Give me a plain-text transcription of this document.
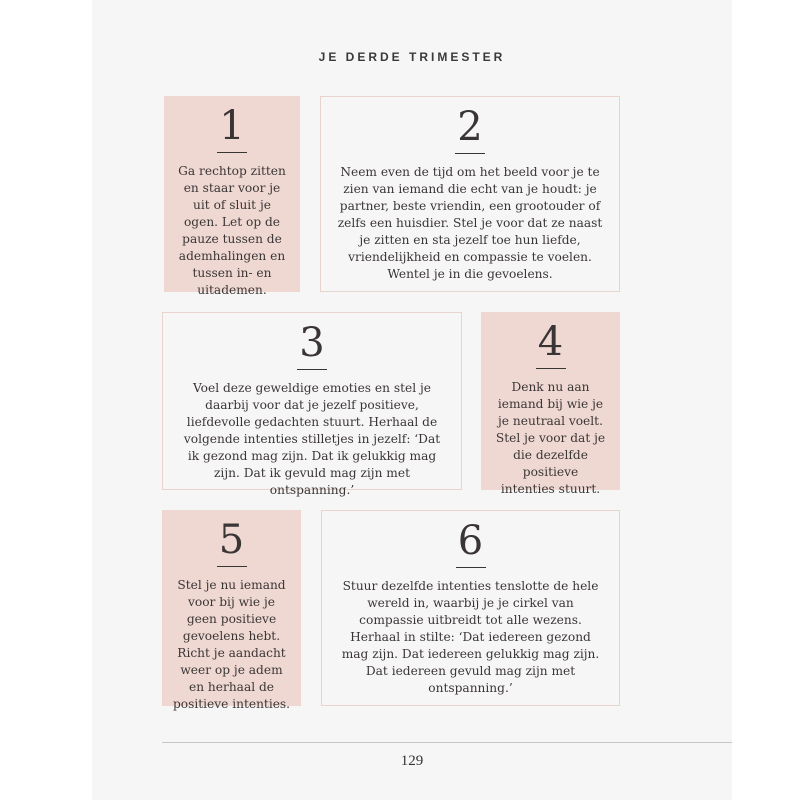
JE DERDE TRIMESTER
1
Ga rechtop zitten en staar voor je uit of sluit je ogen. Let op de pauze tussen de ademhalingen en tussen in- en uitademen.
2
Neem even de tijd om het beeld voor je te zien van iemand die echt van je houdt: je partner, beste vriendin, een grootouder of zelfs een huisdier. Stel je voor dat ze naast je zitten en sta jezelf toe hun liefde, vriendelijkheid en compassie te voelen. Wentel je in die gevoelens.
3
Voel deze geweldige emoties en stel je daarbij voor dat je jezelf positieve, liefdevolle gedachten stuurt. Herhaal de volgende intenties stilletjes in jezelf: ‘Dat ik gezond mag zijn. Dat ik gelukkig mag zijn. Dat ik gevuld mag zijn met ontspanning.’
4
Denk nu aan iemand bij wie je je neutraal voelt. Stel je voor dat je die dezelfde positieve intenties stuurt.
5
Stel je nu iemand voor bij wie je geen positieve gevoelens hebt. Richt je aandacht weer op je adem en herhaal de positieve intenties.
6
Stuur dezelfde intenties tenslotte de hele wereld in, waarbij je je cirkel van compassie uitbreidt tot alle wezens. Herhaal in stilte: ‘Dat iedereen gezond mag zijn. Dat iedereen gelukkig mag zijn. Dat iedereen gevuld mag zijn met ontspanning.’
129
